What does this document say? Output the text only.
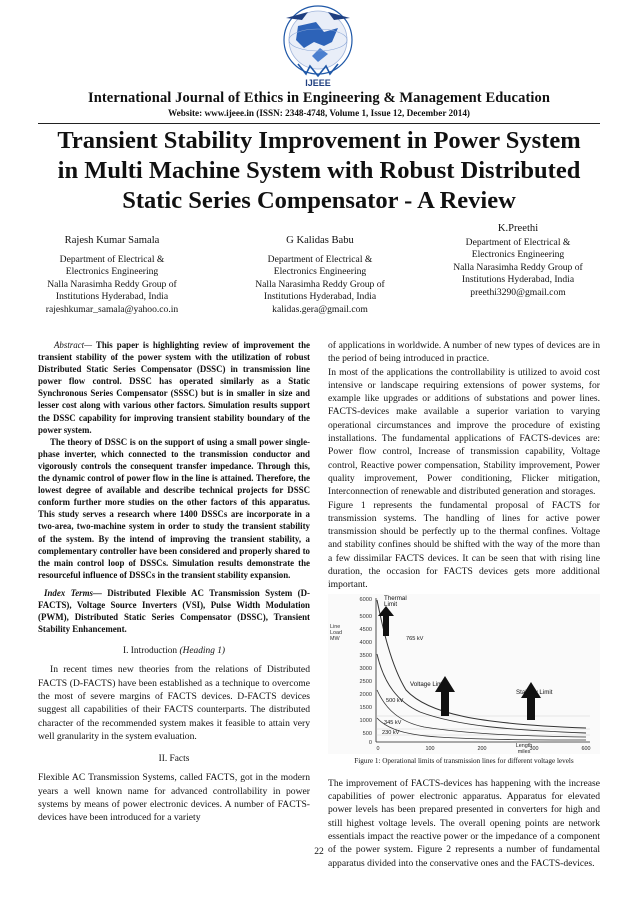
IJEEE
International Journal of Ethics in Engineering & Management Education
Website: www.ijeee.in (ISSN: 2348-4748, Volume 1, Issue 12, December 2014)
Transient Stability Improvement in Power System
in Multi Machine System with Robust Distributed
Static Series Compensator - A Review
Rajesh Kumar Samala
Department of Electrical &
Electronics Engineering
Nalla Narasimha Reddy Group of
Institutions Hyderabad, India
rajeshkumar_samala@yahoo.co.in
G Kalidas Babu
Department of Electrical &
Electronics Engineering
Nalla Narasimha Reddy Group of
Institutions Hyderabad, India
kalidas.gera@gmail.com
K.Preethi
Department of Electrical &
Electronics Engineering
Nalla Narasimha Reddy Group of
Institutions Hyderabad, India
preethi3290@gmail.com

Abstract— This paper is highlighting review of improvement the transient stability of the power system with the utilization of robust Distributed Static Series Compensator (DSSC) in transmission line power flow control. DSSC has operated similarly as a Static Synchronous Series Compensator (SSSC) but is in smaller in size and lesser cost along with various other factors. Simulation results support the DSSC capability for improving transient stability boundary of the power system.

The theory of DSSC is on the support of using a small power single-phase inverter, which connected to the transmission conductor and vigorously controls the consequent transfer impedance. Through this, the dynamic control of power flow in the line is attained. Therefore, the lowest degree of available and describe technical projects for DSSC conform further more studies on the other factors of this apparatus. This study serves a research where 1400 DSSCs are incorporate in a two-area, two-machine system in order to study the transient stability of the system. By the intend of improving the transient stability, a complementary controller have been considered and properly shared to the main control loop of DSSCs. Simulation results demonstrate the resourceful influence of DSSCs in the transient stability expansion.

Index Terms— Distributed Flexible AC Transmission System (D-FACTS), Voltage Source Inverters (VSI), Pulse Width Modulation (PWM), Distributed Static Series Compensator (DSSC), Transient Stability Enhancement.

I. Introduction (Heading 1)

In recent times new theories from the relations of Distributed FACTS (D-FACTS) have been established as a technique to overcome the most of severe margins of FACTS devices. D-FACTS devices suggest all capabilities of their FACTS counterparts. The distributed character of the recommended system makes it feasible to attain very well granularity in the system evaluation.

II. Facts

Flexible AC Transmission Systems, called FACTS, got in the modern years a well known name for advanced controllability in power systems by means of power electronic devices. A number of FACTS-devices have been introduced for a variety

of applications in worldwide. A number of new types of devices are in the period of being introduced in practice.

In most of the applications the controllability is utilized to avoid cost intensive or landscape requiring extensions of power systems, for example like upgrades or additions of substations and power lines. FACTS-devices make available a superior variation to varying operational circumstances and improve the procedure of existing installations. The fundamental applications of FACTS-devices are: Power flow control, Increase of transmission capability, Voltage control, Reactive power compensation, Stability improvement, Power quality improvement, Power conditioning, Flicker mitigation, Interconnection of renewable and distributed generation and storages.

Figure 1 represents the fundamental proposal of FACTS for transmission systems. The handling of lines for active power transmission should be perfectly up to the thermal confines. Voltage and stability confines should be shifted with the way of the more than a few dissimilar FACTS devices. It can be seen that with rising line duration, the occasion for FACTS devices gets more additional important.

6000
5000
4500
4000
3500
3000
2500
2000
1500
1000
500
0
Line
Load
MW
0	100	200	300	600
Length
miles
Thermal
Limit
Voltage Limit
Stability Limit
765 kV
500 kV
345 kV
230 kV

Figure 1: Operational limits of transmission lines for different voltage levels

The improvement of FACTS-devices has happening with the increase capabilities of power electronic apparatus. Apparatus for elevated power levels has been prepared presented in converters for high and still highest voltage levels. The overall opening points are network essentials impact the reactive power or the impedance of a component of the power system. Figure 2 represents a number of fundamental apparatus divided into the conservative ones and the FACTS-devices.

22
